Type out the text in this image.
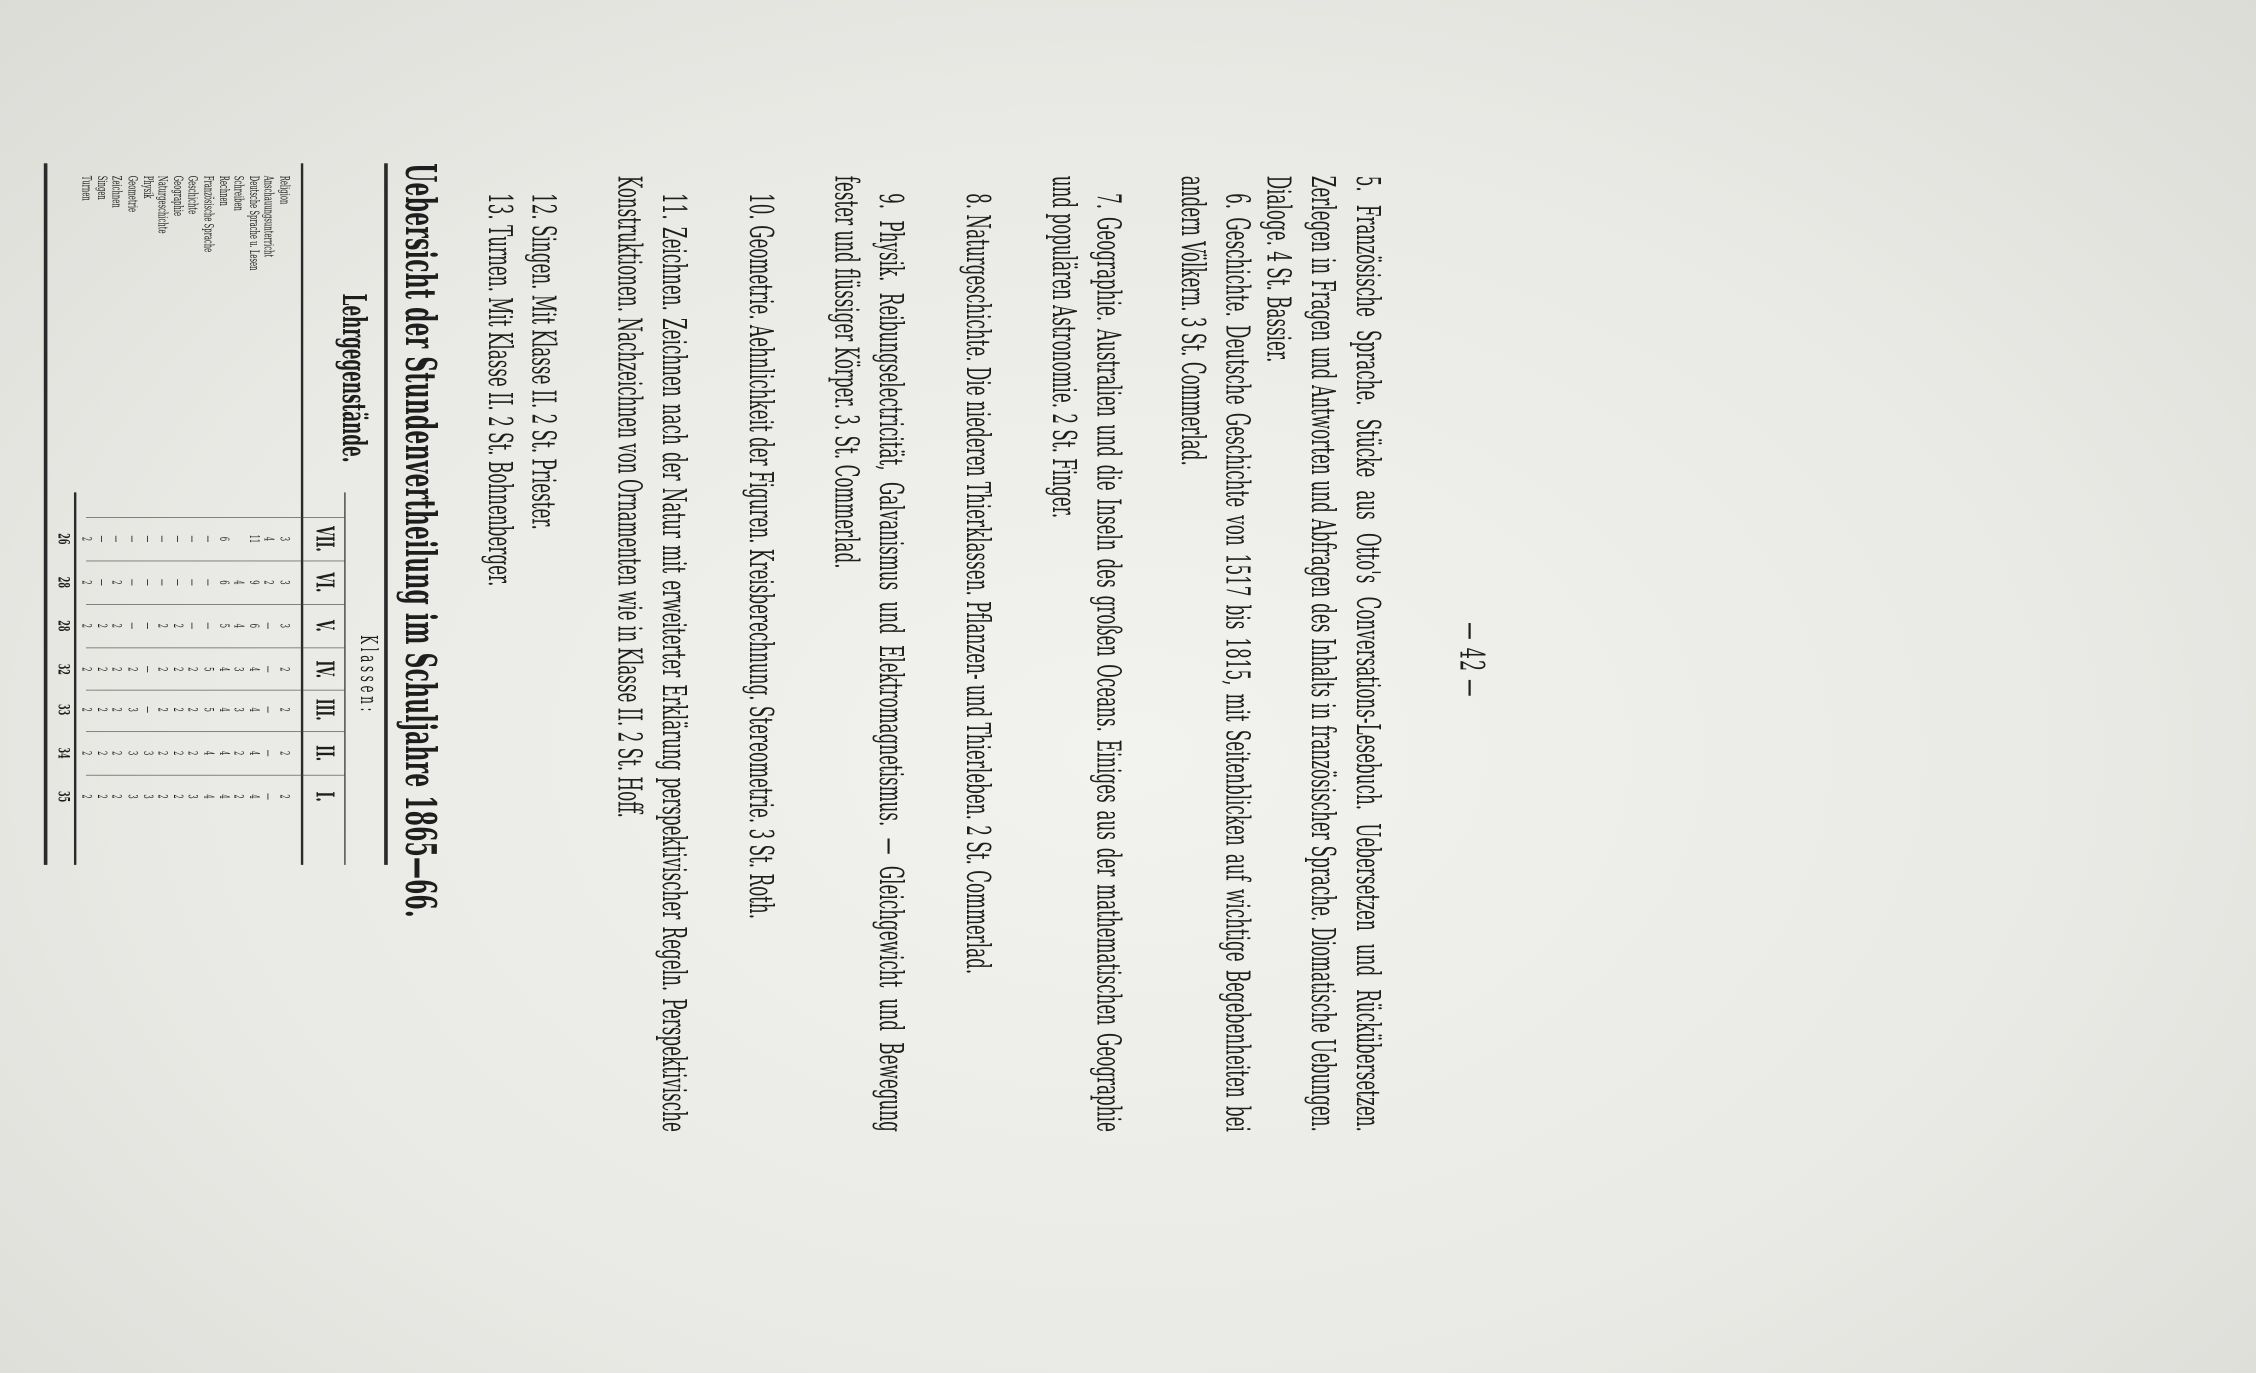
— 42 —
5. Französische Sprache. Stücke aus Otto's Conversations-Lesebuch. Uebersetzen und Rückübersetzen. Zerlegen in Fragen und Antworten und Abfragen des Inhalts in französischer Sprache. Diomatische Uebungen. Dialoge. 4 St. Bassier.
6. Geschichte. Deutsche Geschichte von 1517 bis 1815, mit Seitenblicken auf wichtige Begebenheiten bei andern Völkern. 3 St. Commerlad.
7. Geographie. Australien und die Inseln des großen Oceans. Einiges aus der mathematischen Geographie und populären Astronomie. 2 St. Finger.
8. Naturgeschichte. Die niederen Thierklassen. Pflanzen- und Thierleben. 2 St. Commerlad.
9. Physik. Reibungselectricität, Galvanismus und Elektromagnetismus. — Gleichgewicht und Bewegung fester und flüssiger Körper. 3. St. Commerlad.
10. Geometrie. Aehnlichkeit der Figuren. Kreisberechnung. Stereometrie. 3 St. Roth.
11. Zeichnen. Zeichnen nach der Natur mit erweiterter Erklärung perspektivischer Regeln. Perspektivische Konstruktionen. Nachzeichnen von Ornamenten wie in Klasse II. 2 St. Hoff.
12. Singen. Mit Klasse II. 2 St. Priester.
13. Turnen. Mit Klasse II. 2 St. Bohnenberger.
Uebersicht der Stundenvertheilung im Schuljahre 1865—66.
Lehrgegenstände.
Klassen:
VII.
VI.
V.
IV.
III.
II.
I.
Religion
Anschauungsunterricht
Deutsche Sprache u. Lesen
Schreiben
Rechnen
Französische Sprache
Geschichte
Geographie
Naturgeschichte
Physik
Geometrie
Zeichnen
Singen
Turnen
3
3
3
2
2
2
2
4
2
—
—
—
—
—
11
9
6
4
4
4
4
4
4
3
3
2
2
6
6
5
4
4
4
4
—
—
—
5
5
4
4
—
—
—
2
2
2
3
—
—
2
2
2
2
2
—
—
2
2
2
2
2
—
—
—
—
—
3
3
—
—
—
2
3
3
3
—
2
2
2
2
2
2
—
—
2
2
2
2
2
2
2
2
2
2
2
2
26
28
28
32
33
34
35
